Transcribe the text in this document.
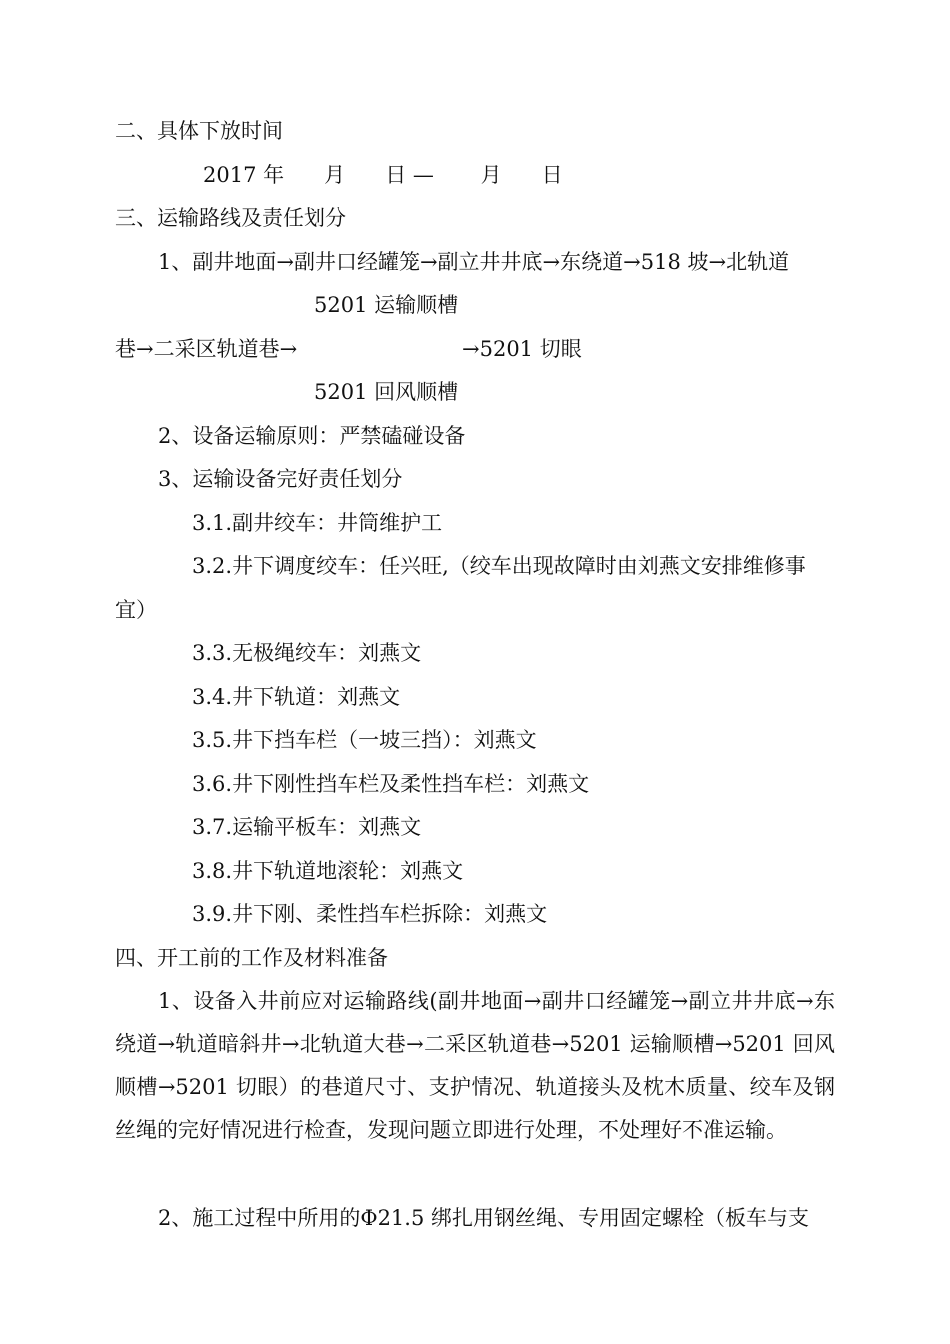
二、具体下放时间
2017 年      月      日 —       月      日
三、运输路线及责任划分
1、副井地面→副井口经罐笼→副立井井底→东绕道→518 坡→北轨道
5201 运输顺槽
巷→二采区轨道巷→	→5201 切眼
5201 回风顺槽
2、设备运输原则：严禁磕碰设备
3、运输设备完好责任划分
3.1.副井绞车：井筒维护工
3.2.井下调度绞车：任兴旺,（绞车出现故障时由刘燕文安排维修事
宜）
3.3.无极绳绞车：刘燕文
3.4.井下轨道：刘燕文
3.5.井下挡车栏（一坡三挡）：刘燕文
3.6.井下刚性挡车栏及柔性挡车栏：刘燕文
3.7.运输平板车：刘燕文
3.8.井下轨道地滚轮：刘燕文
3.9.井下刚、柔性挡车栏拆除：刘燕文
四、开工前的工作及材料准备
1、设备入井前应对运输路线(副井地面→副井口经罐笼→副立井井底→东绕道→轨道暗斜井→北轨道大巷→二采区轨道巷→5201 运输顺槽→5201 回风顺槽→5201 切眼）的巷道尺寸、支护情况、轨道接头及枕木质量、绞车及钢丝绳的完好情况进行检查，发现问题立即进行处理，不处理好不准运输。
2、施工过程中所用的Φ21.5 绑扎用钢丝绳、专用固定螺栓（板车与支
